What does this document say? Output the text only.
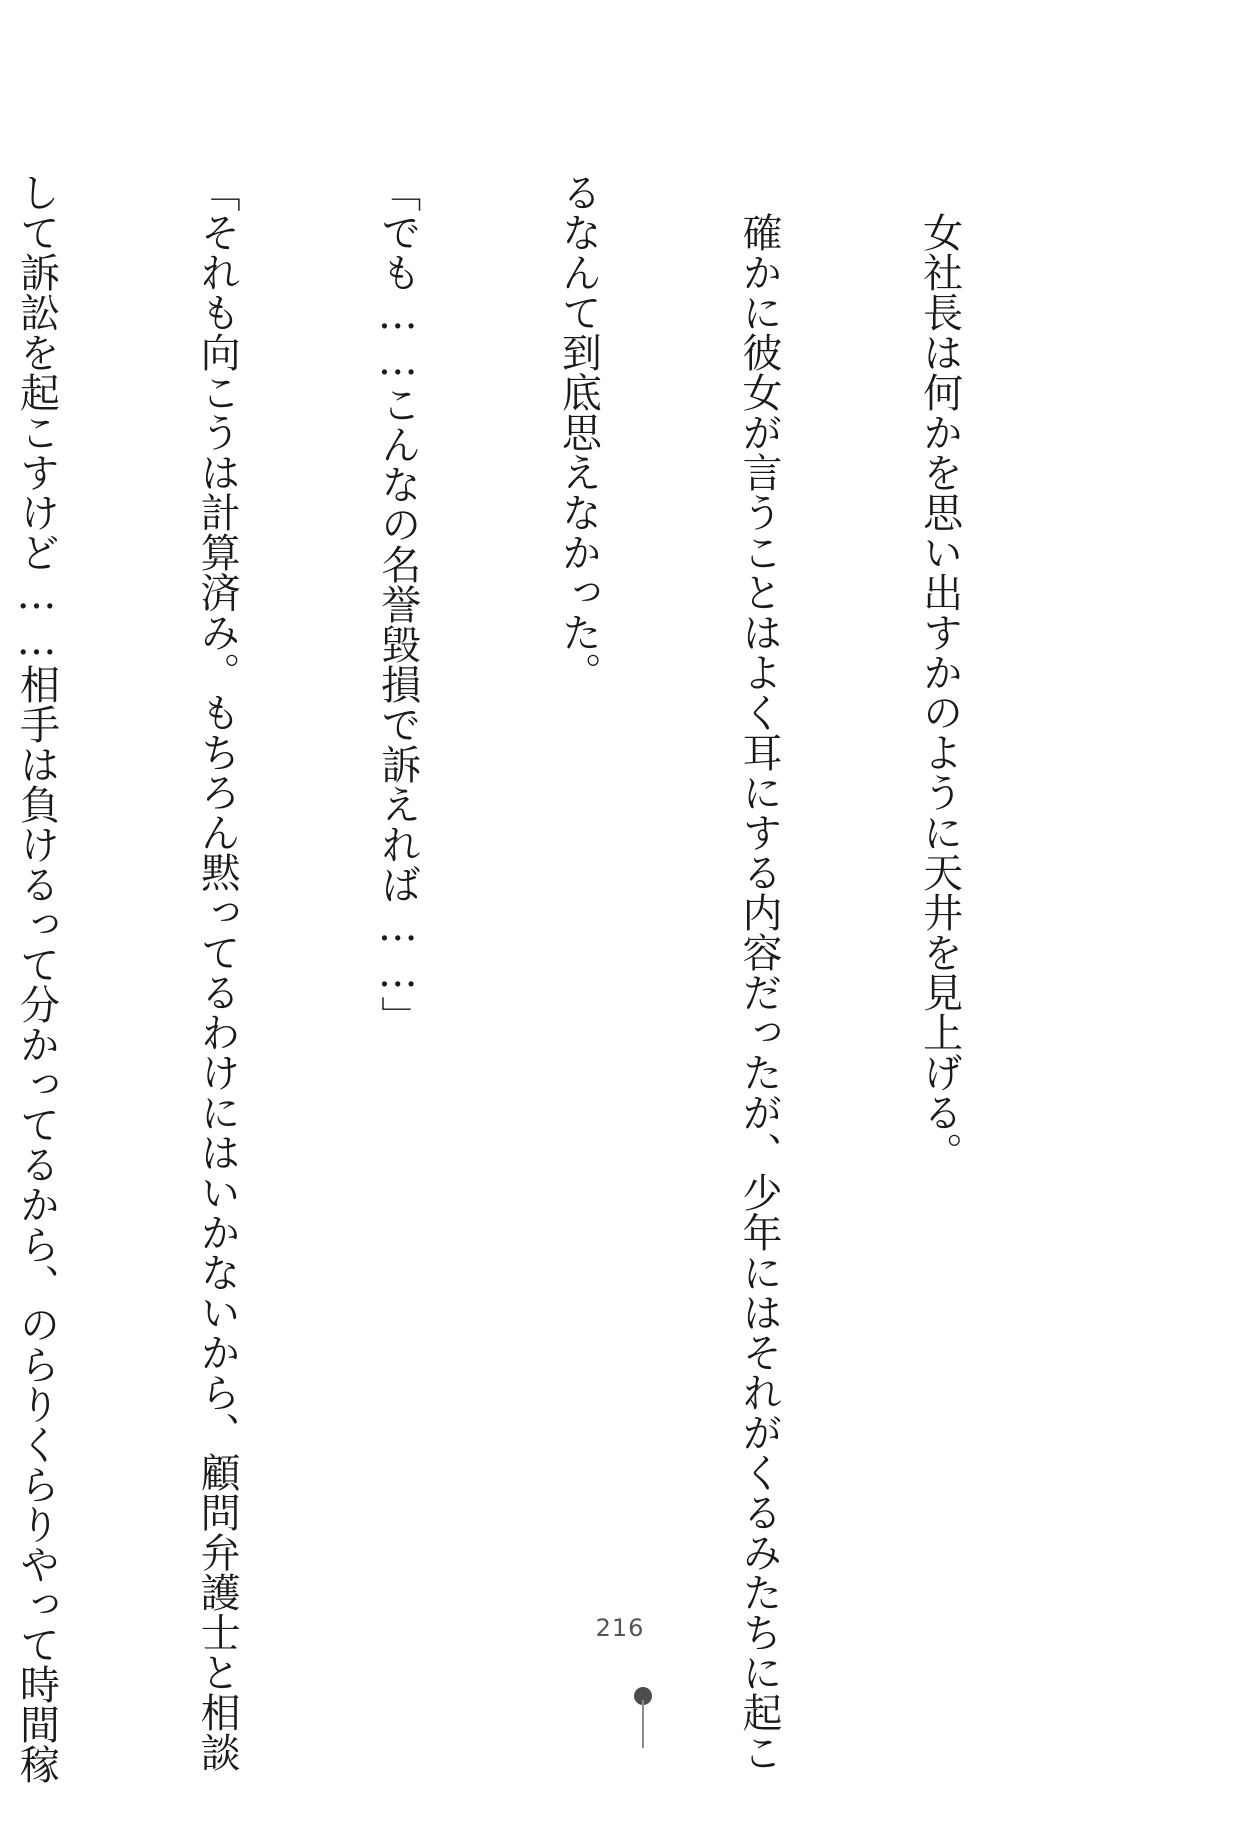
　女社長は何かを思い出すかのように天井を見上げる。

　確かに彼女が言うことはよく耳にする内容だったが、少年にはそれがくるみたちに起こ

るなんて到底思えなかった。

「でも……こんなの名誉毀損で訴えれば……」

「それも向こうは計算済み。もちろん黙ってるわけにはいかないから、顧問弁護士と相談

して訴訟を起こすけど……相手は負けるって分かってるから、のらりくらりやって時間稼

	216
